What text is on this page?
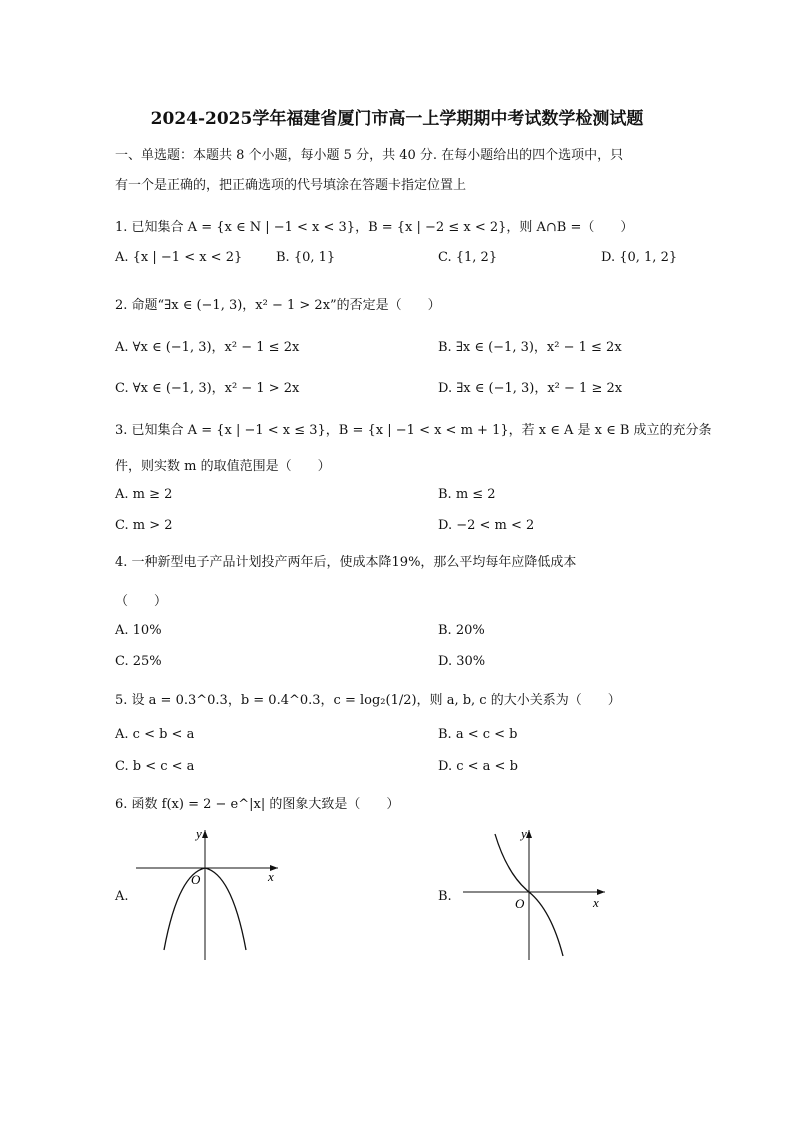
2024-2025学年福建省厦门市高一上学期期中考试数学检测试题
一、单选题：本题共 8 个小题，每小题 5 分，共 40 分. 在每小题给出的四个选项中，只
有一个是正确的，把正确选项的代号填涂在答题卡指定位置上
1. 已知集合 A = {x ∈ N | −1 < x < 3}，B = {x | −2 ≤ x < 2}，则 A∩B =（　　）
A. {x | −1 < x < 2}	B. {0, 1}	C. {1, 2}	D. {0, 1, 2}
2. 命题“∃x ∈ (−1, 3)，x² − 1 > 2x”的否定是（　　）
A. ∀x ∈ (−1, 3)，x² − 1 ≤ 2x	B. ∃x ∈ (−1, 3)，x² − 1 ≤ 2x
C. ∀x ∈ (−1, 3)，x² − 1 > 2x	D. ∃x ∈ (−1, 3)，x² − 1 ≥ 2x
3. 已知集合 A = {x | −1 < x ≤ 3}，B = {x | −1 < x < m + 1}，若 x ∈ A 是 x ∈ B 成立的充分条
件，则实数 m 的取值范围是（　　）
A. m ≥ 2	B. m ≤ 2
C. m > 2	D. −2 < m < 2
4. 一种新型电子产品计划投产两年后，使成本降19%，那么平均每年应降低成本
（　　）
A. 10%	B. 20%
C. 25%	D. 30%
5. 设 a = 0.3^0.3，b = 0.4^0.3，c = log₂(1/2)，则 a, b, c 的大小关系为（　　）
A. c < b < a	B. a < c < b
C. b < c < a	D. c < a < b
6. 函数 f(x) = 2 − e^|x| 的图象大致是（　　）
A.	B.
x
y
O
x
y
O
